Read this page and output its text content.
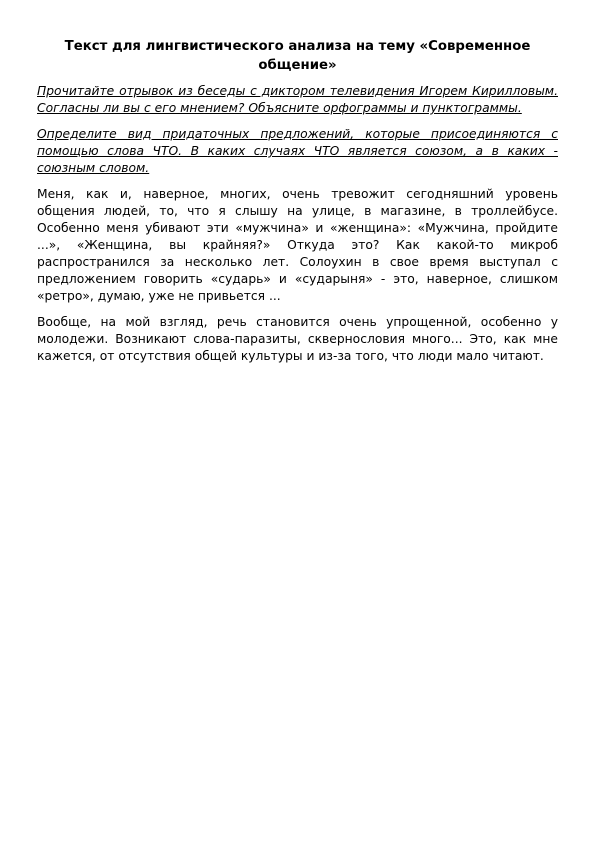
Текст для лингвистического анализа на тему «Современное общение»

Прочитайте отрывок из беседы с диктором телевидения Игорем Кирилловым. Согласны ли вы с его мнением? Объясните орфограммы и пунктограммы.

Определите вид придаточных предложений, которые присоединяются с помощью слова ЧТО. В каких случаях ЧТО является союзом, а в каких - союзным словом.

Меня, как и, наверное, многих, очень тревожит сегодняшний уровень общения людей, то, что я слышу на улице, в магазине, в троллейбусе. Особенно меня убивают эти «мужчина» и «женщина»: «Мужчина, пройдите ...», «Женщина, вы крайняя?» Откуда это? Как какой-то микроб распространился за несколько лет. Солоухин в свое время выступал с предложением говорить «сударь» и «сударыня» - это, наверное, слишком «ретро», думаю, уже не привьется ...

Вообще, на мой взгляд, речь становится очень упрощенной, особенно у молодежи. Возникают слова-паразиты, сквернословия много... Это, как мне кажется, от отсутствия общей культуры и из-за того, что люди мало читают.
